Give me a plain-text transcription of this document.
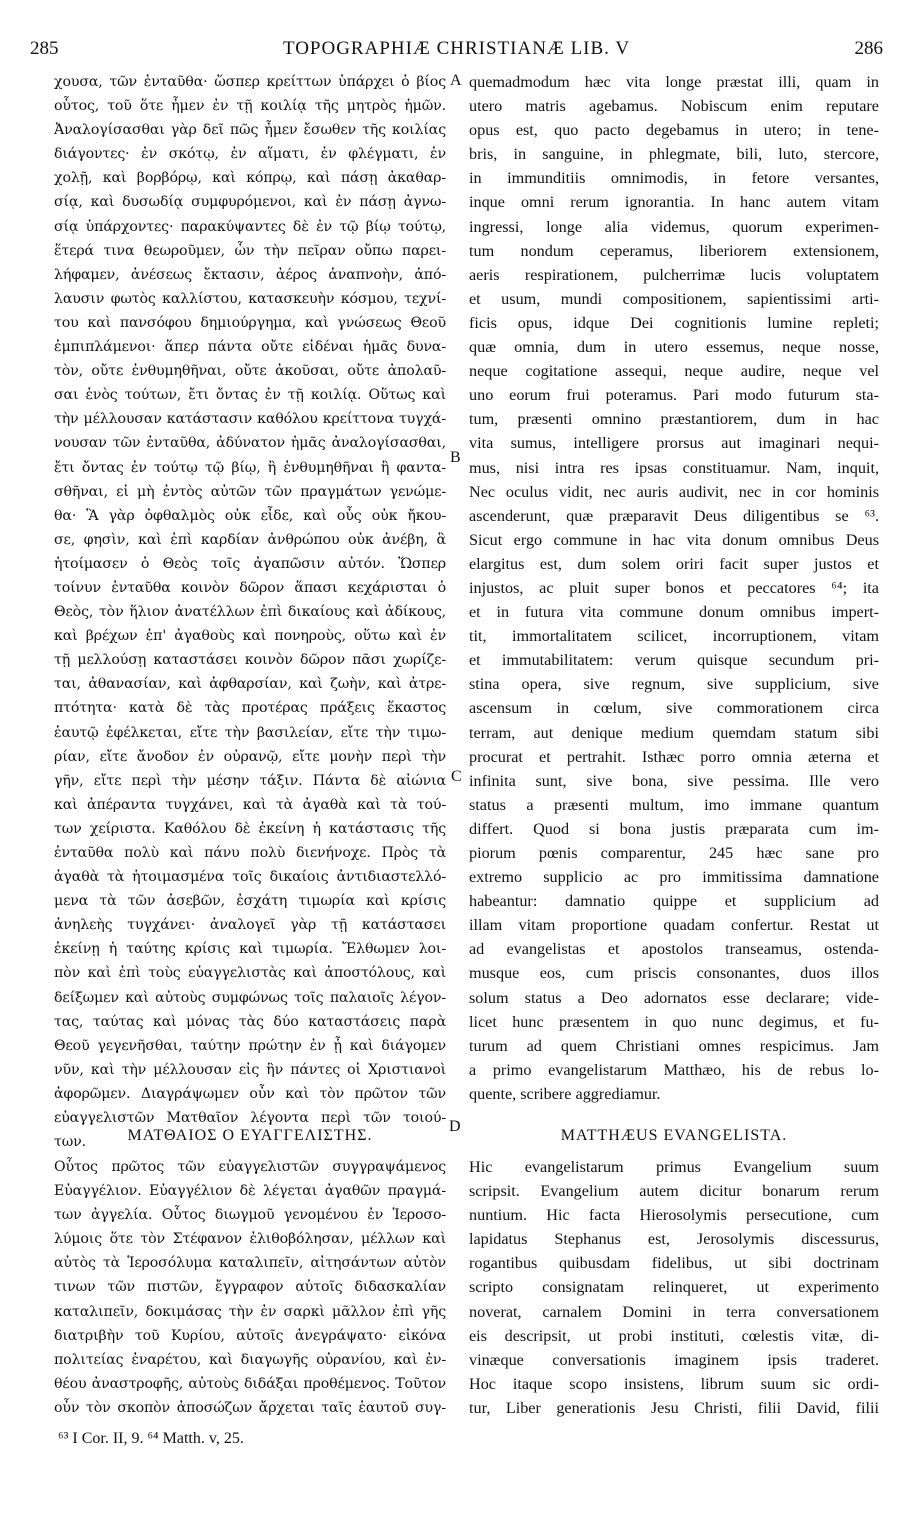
285	TOPOGRAPHIÆ CHRISTIANÆ LIB. V	286
χουσα, τῶν ἐνταῦθα· ὥσπερ κρείττων ὑπάρχει ὁ βίος
οὗτος, τοῦ ὅτε ἦμεν ἐν τῇ κοιλίᾳ τῆς μητρὸς ἡμῶν.
Ἀναλογίσασθαι γὰρ δεῖ πῶς ἦμεν ἔσωθεν τῆς κοιλίας
διάγοντες· ἐν σκότῳ, ἐν αἵματι, ἐν φλέγματι, ἐν
χολῇ, καὶ βορβόρῳ, καὶ κόπρῳ, καὶ πάσῃ ἀκαθαρ-
σίᾳ, καὶ δυσωδίᾳ συμφυρόμενοι, καὶ ἐν πάσῃ ἀγνω-
σίᾳ ὑπάρχοντες· παρακύψαντες δὲ ἐν τῷ βίῳ τούτῳ,
ἕτερά τινα θεωροῦμεν, ὧν τὴν πεῖραν οὔπω παρει-
λήφαμεν, ἀνέσεως ἔκτασιν, ἀέρος ἀναπνοὴν, ἀπό-
λαυσιν φωτὸς καλλίστου, κατασκευὴν κόσμου, τεχνί-
του καὶ πανσόφου δημιούργημα, καὶ γνώσεως Θεοῦ
ἐμπιπλάμενοι· ἅπερ πάντα οὔτε εἰδέναι ἡμᾶς δυνα-
τὸν, οὔτε ἐνθυμηθῆναι, οὔτε ἀκοῦσαι, οὔτε ἀπολαῦ-
σαι ἑνὸς τούτων, ἔτι ὄντας ἐν τῇ κοιλίᾳ. Οὕτως καὶ
τὴν μέλλουσαν κατάστασιν καθόλου κρείττονα τυγχά-
νουσαν τῶν ἐνταῦθα, ἀδύνατον ἡμᾶς ἀναλογίσασθαι,
ἔτι ὄντας ἐν τούτῳ τῷ βίῳ, ἢ ἐνθυμηθῆναι ἢ φαντα-
σθῆναι, εἰ μὴ ἐντὸς αὐτῶν τῶν πραγμάτων γενώμε-
θα· Ἃ γὰρ ὀφθαλμὸς οὐκ εἶδε, καὶ οὖς οὐκ ἤκου-
σε, φησὶν, καὶ ἐπὶ καρδίαν ἀνθρώπου οὐκ ἀνέβη, ἃ
ἡτοίμασεν ὁ Θεὸς τοῖς ἀγαπῶσιν αὐτόν. Ὥσπερ
τοίνυν ἐνταῦθα κοινὸν δῶρον ἅπασι κεχάρισται ὁ
Θεὸς, τὸν ἥλιον ἀνατέλλων ἐπὶ δικαίους καὶ ἀδίκους,
καὶ βρέχων ἐπ' ἀγαθοὺς καὶ πονηροὺς, οὕτω καὶ ἐν
τῇ μελλούσῃ καταστάσει κοινὸν δῶρον πᾶσι χωρίζε-
ται, ἀθανασίαν, καὶ ἀφθαρσίαν, καὶ ζωὴν, καὶ ἀτρε-
πτότητα· κατὰ δὲ τὰς προτέρας πράξεις ἕκαστος
ἑαυτῷ ἐφέλκεται, εἴτε τὴν βασιλείαν, εἴτε τὴν τιμω-
ρίαν, εἴτε ἄνοδον ἐν οὐρανῷ, εἴτε μονὴν περὶ τὴν
γῆν, εἴτε περὶ τὴν μέσην τάξιν. Πάντα δὲ αἰώνια
καὶ ἀπέραντα τυγχάνει, καὶ τὰ ἀγαθὰ καὶ τὰ τού-
των χείριστα. Καθόλου δὲ ἐκείνη ἡ κατάστασις τῆς
ἐνταῦθα πολὺ καὶ πάνυ πολὺ διενήνοχε. Πρὸς τὰ
ἀγαθὰ τὰ ἡτοιμασμένα τοῖς δικαίοις ἀντιδιαστελλό-
μενα τὰ τῶν ἀσεβῶν, ἐσχάτη τιμωρία καὶ κρίσις
ἀνηλεὴς τυγχάνει· ἀναλογεῖ γὰρ τῇ κατάστασει
ἐκείνῃ ἡ ταύτης κρίσις καὶ τιμωρία. Ἔλθωμεν λοι-
πὸν καὶ ἐπὶ τοὺς εὐαγγελιστὰς καὶ ἀποστόλους, καὶ
δείξωμεν καὶ αὐτοὺς συμφώνως τοῖς παλαιοῖς λέγον-
τας, ταύτας καὶ μόνας τὰς δύο καταστάσεις παρὰ
Θεοῦ γεγενῆσθαι, ταύτην πρώτην ἐν ᾗ καὶ διάγομεν
νῦν, καὶ τὴν μέλλουσαν εἰς ἣν πάντες οἱ Χριστιανοὶ
ἀφορῶμεν. Διαγράψωμεν οὖν καὶ τὸν πρῶτον τῶν
εὐαγγελιστῶν Ματθαῖον λέγοντα περὶ τῶν τοιού-
των.
quemadmodum hæc vita longe præstat illi, quam in
utero matris agebamus. Nobiscum enim reputare
opus est, quo pacto degebamus in utero; in tene-
bris, in sanguine, in phlegmate, bili, luto, stercore,
in immunditiis omnimodis, in fetore versantes,
inque omni rerum ignorantia. In hanc autem vitam
ingressi, longe alia videmus, quorum experimen-
tum nondum ceperamus, liberiorem extensionem,
aeris respirationem, pulcherrimæ lucis voluptatem
et usum, mundi compositionem, sapientissimi arti-
ficis opus, idque Dei cognitionis lumine repleti;
quæ omnia, dum in utero essemus, neque nosse,
neque cogitatione assequi, neque audire, neque vel
uno eorum frui poteramus. Pari modo futurum sta-
tum, præsenti omnino præstantiorem, dum in hac
vita sumus, intelligere prorsus aut imaginari nequi-
mus, nisi intra res ipsas constituamur. Nam, inquit,
Nec oculus vidit, nec auris audivit, nec in cor hominis
ascenderunt, quæ præparavit Deus diligentibus se ⁶³.
Sicut ergo commune in hac vita donum omnibus Deus
elargitus est, dum solem oriri facit super justos et
injustos, ac pluit super bonos et peccatores ⁶⁴; ita
et in futura vita commune donum omnibus impert-
tit, immortalitatem scilicet, incorruptionem, vitam
et immutabilitatem: verum quisque secundum pri-
stina opera, sive regnum, sive supplicium, sive
ascensum in cœlum, sive commorationem circa
terram, aut denique medium quemdam statum sibi
procurat et pertrahit. Isthæc porro omnia æterna et
infinita sunt, sive bona, sive pessima. Ille vero
status a præsenti multum, imo immane quantum
differt. Quod si bona justis præparata cum im-
piorum pœnis comparentur, 245 hæc sane pro
extremo supplicio ac pro immitissima damnatione
habeantur: damnatio quippe et supplicium ad
illam vitam proportione quadam confertur. Restat ut
ad evangelistas et apostolos transeamus, ostenda-
musque eos, cum priscis consonantes, duos illos
solum status a Deo adornatos esse declarare; vide-
licet hunc præsentem in quo nunc degimus, et fu-
turum ad quem Christiani omnes respicimus. Jam
a primo evangelistarum Matthæo, his de rebus lo-
quente, scribere aggrediamur.
ΜΑΤΘΑΙΟΣ Ο ΕΥΑΓΓΕΛΙΣΤΗΣ.	MATTHÆUS EVANGELISTA.
Οὗτος πρῶτος τῶν εὐαγγελιστῶν συγγραψάμενος
Εὐαγγέλιον. Εὐαγγέλιον δὲ λέγεται ἀγαθῶν πραγμά-
των ἀγγελία. Οὗτος διωγμοῦ γενομένου ἐν Ἱεροσο-
λύμοις ὅτε τὸν Στέφανον ἐλιθοβόλησαν, μέλλων καὶ
αὐτὸς τὰ Ἱεροσόλυμα καταλιπεῖν, αἰτησάντων αὐτὸν
τινων τῶν πιστῶν, ἔγγραφον αὐτοῖς διδασκαλίαν
καταλιπεῖν, δοκιμάσας τὴν ἐν σαρκὶ μᾶλλον ἐπὶ γῆς
διατριβὴν τοῦ Κυρίου, αὐτοῖς ἀνεγράψατο· εἰκόνα
πολιτείας ἐναρέτου, καὶ διαγωγῆς οὐρανίου, καὶ ἐν-
θέου ἀναστροφῆς, αὐτοὺς διδάξαι προθέμενος. Τοῦτον
οὖν τὸν σκοπὸν ἀποσώζων ἄρχεται ταῖς ἑαυτοῦ συγ-
Hic evangelistarum primus Evangelium suum
scripsit. Evangelium autem dicitur bonarum rerum
nuntium. Hic facta Hierosolymis persecutione, cum
lapidatus Stephanus est, Jerosolymis discessurus,
rogantibus quibusdam fidelibus, ut sibi doctrinam
scripto consignatam relinqueret, ut experimento
noverat, carnalem Domini in terra conversationem
eis descripsit, ut probi instituti, cœlestis vitæ, di-
vinæque conversationis imaginem ipsis traderet.
Hoc itaque scopo insistens, librum suum sic ordi-
tur, Liber generationis Jesu Christi, filii David, filii
A
B
C
D
⁶³ I Cor. II, 9. ⁶⁴ Matth. v, 25.
